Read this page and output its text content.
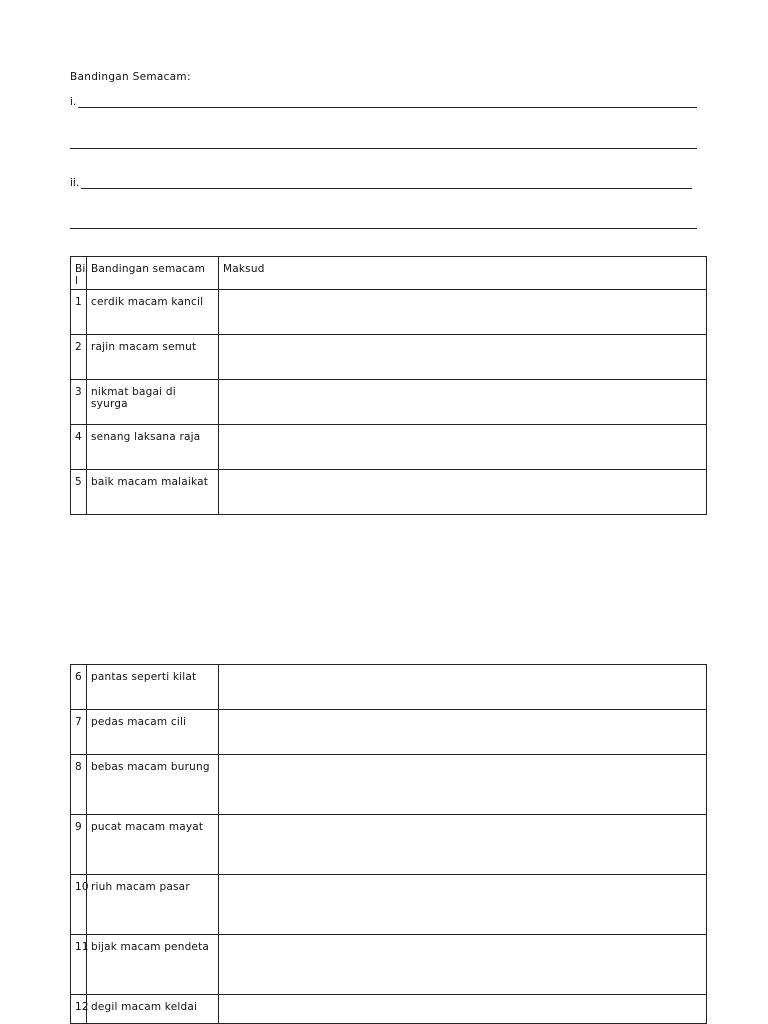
Bandingan Semacam:
i.
ii.
Bi l	Bandingan semacam	Maksud
1	cerdik macam kancil	
2	rajin macam semut	
3	nikmat bagai di syurga	
4	senang laksana raja	
5	baik macam malaikat	
6	pantas seperti kilat	
7	pedas macam cili	
8	bebas macam burung	
9	pucat macam mayat	
10	riuh macam pasar	
11	bijak macam pendeta	
12	degil macam keldai	
